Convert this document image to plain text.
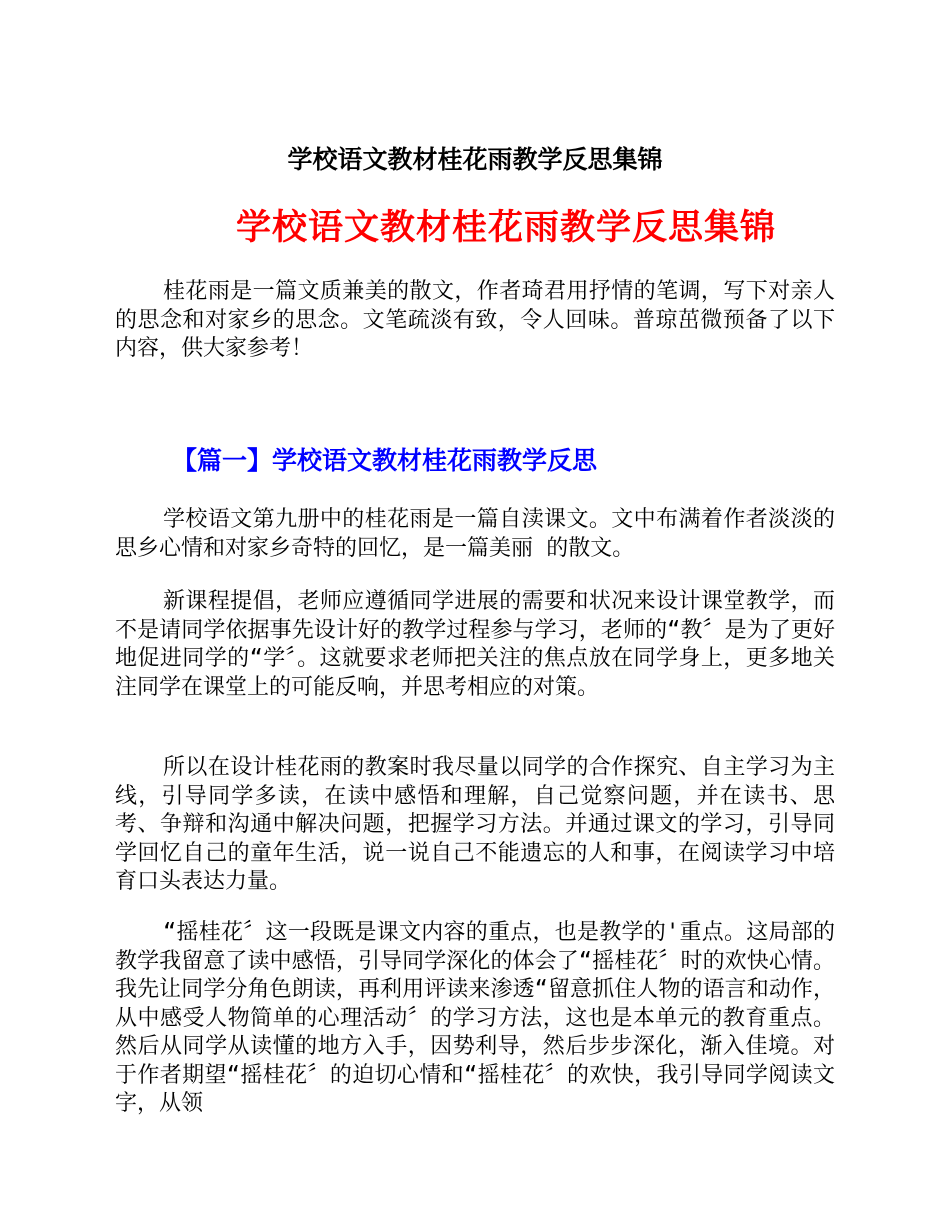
学校语文教材桂花雨教学反思集锦
学校语文教材桂花雨教学反思集锦

桂花雨是一篇文质兼美的散文，作者琦君用抒情的笔调，写下对亲人的思念和对家乡的思念。文笔疏淡有致，令人回味。普琼茁微预备了以下内容，供大家参考！

【篇一】学校语文教材桂花雨教学反思

学校语文第九册中的桂花雨是一篇自渎课文。文中布满着作者淡淡的思乡心情和对家乡奇特的回忆，是一篇美丽 的散文。

新课程提倡，老师应遵循同学进展的需要和状况来设计课堂教学，而不是请同学依据事先设计好的教学过程参与学习，老师的“教〞是为了更好地促进同学的“学〞。这就要求老师把关注的焦点放在同学身上，更多地关注同学在课堂上的可能反响，并思考相应的对策。

所以在设计桂花雨的教案时我尽量以同学的合作探究、自主学习为主线，引导同学多读，在读中感悟和理解，自己觉察问题，并在读书、思考、争辩和沟通中解决问题，把握学习方法。并通过课文的学习，引导同学回忆自己的童年生活，说一说自己不能遗忘的人和事，在阅读学习中培育口头表达力量。

“摇桂花〞这一段既是课文内容的重点，也是教学的'重点。这局部的教学我留意了读中感悟，引导同学深化的体会了“摇桂花〞时的欢快心情。我先让同学分角色朗读，再利用评读来渗透“留意抓住人物的语言和动作，从中感受人物简单的心理活动〞的学习方法，这也是本单元的教育重点。然后从同学从读懂的地方入手，因势利导，然后步步深化，渐入佳境。对于作者期望“摇桂花〞的迫切心情和“摇桂花〞的欢快，我引导同学阅读文字，从领
